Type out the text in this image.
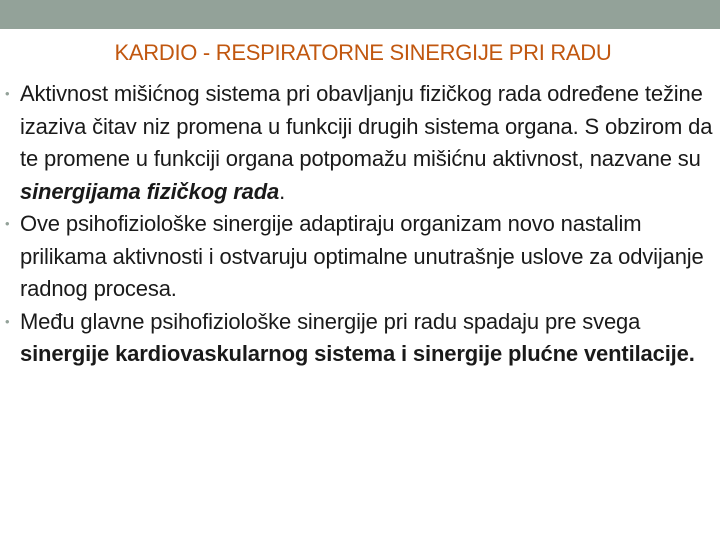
KARDIO - RESPIRATORNE SINERGIJE PRI RADU

• Aktivnost mišićnog sistema pri obavljanju fizičkog rada određene težine izaziva čitav niz promena u funkciji drugih sistema organa. S obzirom da te promene u funkciji organa potpomažu mišićnu aktivnost, nazvane su sinergijama fizičkog rada.

• Ove psihofiziološke sinergije adaptiraju organizam novo nastalim prilikama aktivnosti i ostvaruju optimalne unutrašnje uslove za odvijanje radnog procesa.

• Među glavne psihofiziološke sinergije pri radu spadaju pre svega sinergije kardiovaskularnog sistema i sinergije plućne ventilacije.
